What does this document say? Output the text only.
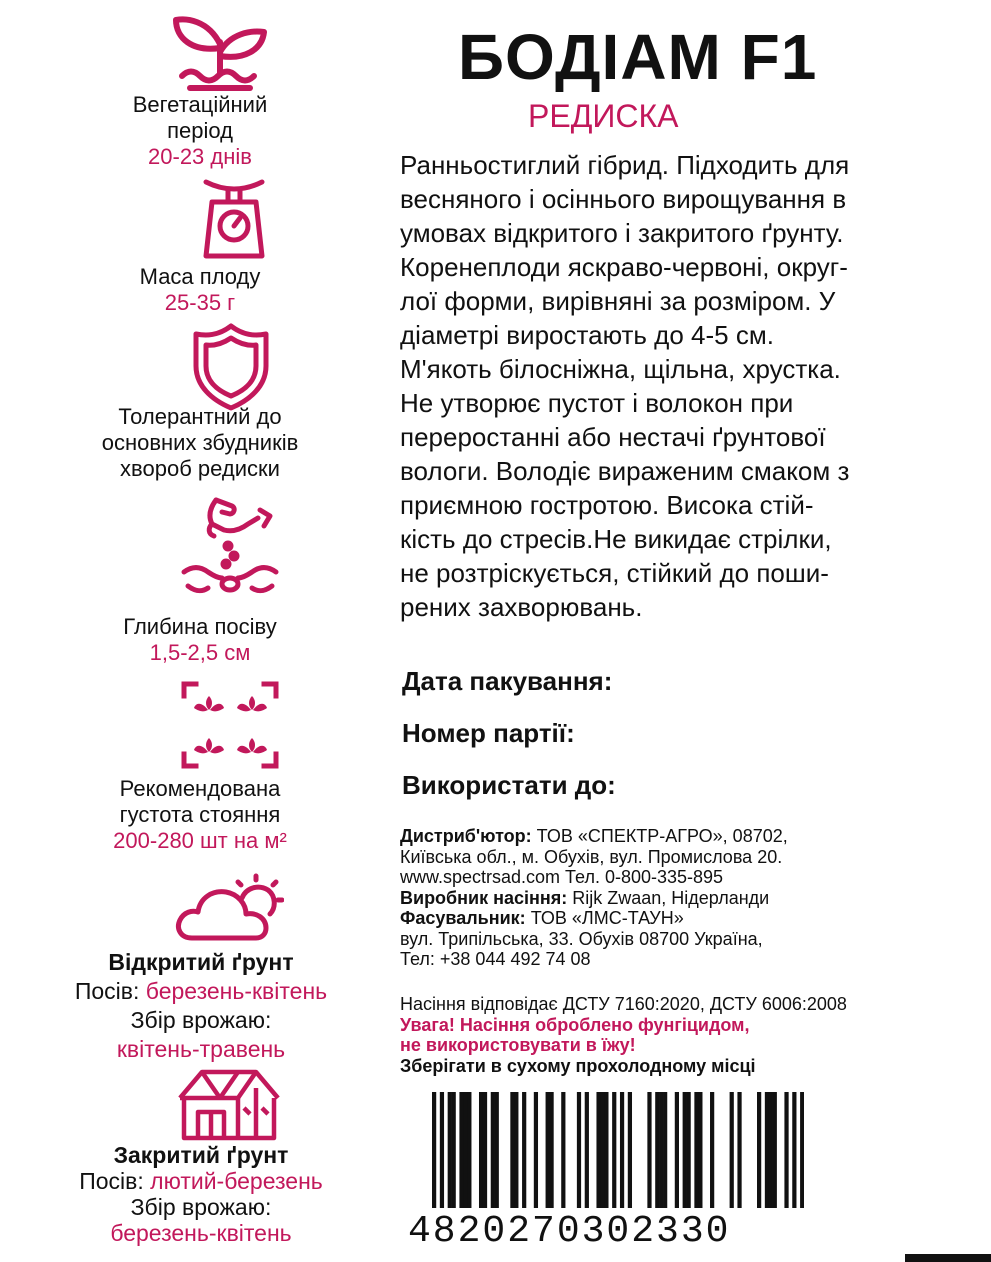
Вегетаційний
період
20-23 днів
Маса плоду
25-35 г
Толерантний до
основних збудників
хвороб редиски
Глибина посіву
1,5-2,5 см
Рекомендована
густота стояння
200-280 шт на м²
Відкритий ґрунт
Посів: березень-квітень
Збір врожаю:
квітень-травень
Закритий ґрунт
Посів: лютий-березень
Збір врожаю:
березень-квітень
БОДІАМ F1
РЕДИСКА
Ранньостиглий гібрид. Підходить для
весняного і осіннього вирощування в
умовах відкритого і закритого ґрунту.
Коренеплоди яскраво-червоні, округ-
лої форми, вирівняні за розміром. У
діаметрі виростають до 4-5 см.
М'якоть білосніжна, щільна, хрустка.
Не утворює пустот і волокон при
переростанні або нестачі ґрунтової
вологи. Володіє вираженим смаком з
приємною гостротою. Висока стій-
кість до стресів.Не викидає стрілки,
не розтріскується, стійкий до поши-
рених захворювань.
Дата пакування:
Номер партії:
Використати до:
Дистриб'ютор: ТОВ «СПЕКТР-АГРО», 08702,
Київська обл., м. Обухів, вул. Промислова 20.
www.spectrsad.com Тел. 0-800-335-895
Виробник насіння: Rijk Zwaan, Нідерланди
Фасувальник: ТОВ «ЛМС-ТАУН»
вул. Трипільська, 33. Обухів 08700 Україна,
Тел: +38 044 492 74 08
Насіння відповідає ДСТУ 7160:2020, ДСТУ 6006:2008
Увага! Насіння оброблено фунгіцидом,
не використовувати в їжу!
Зберігати в сухому прохолодному місці
4820270302330
